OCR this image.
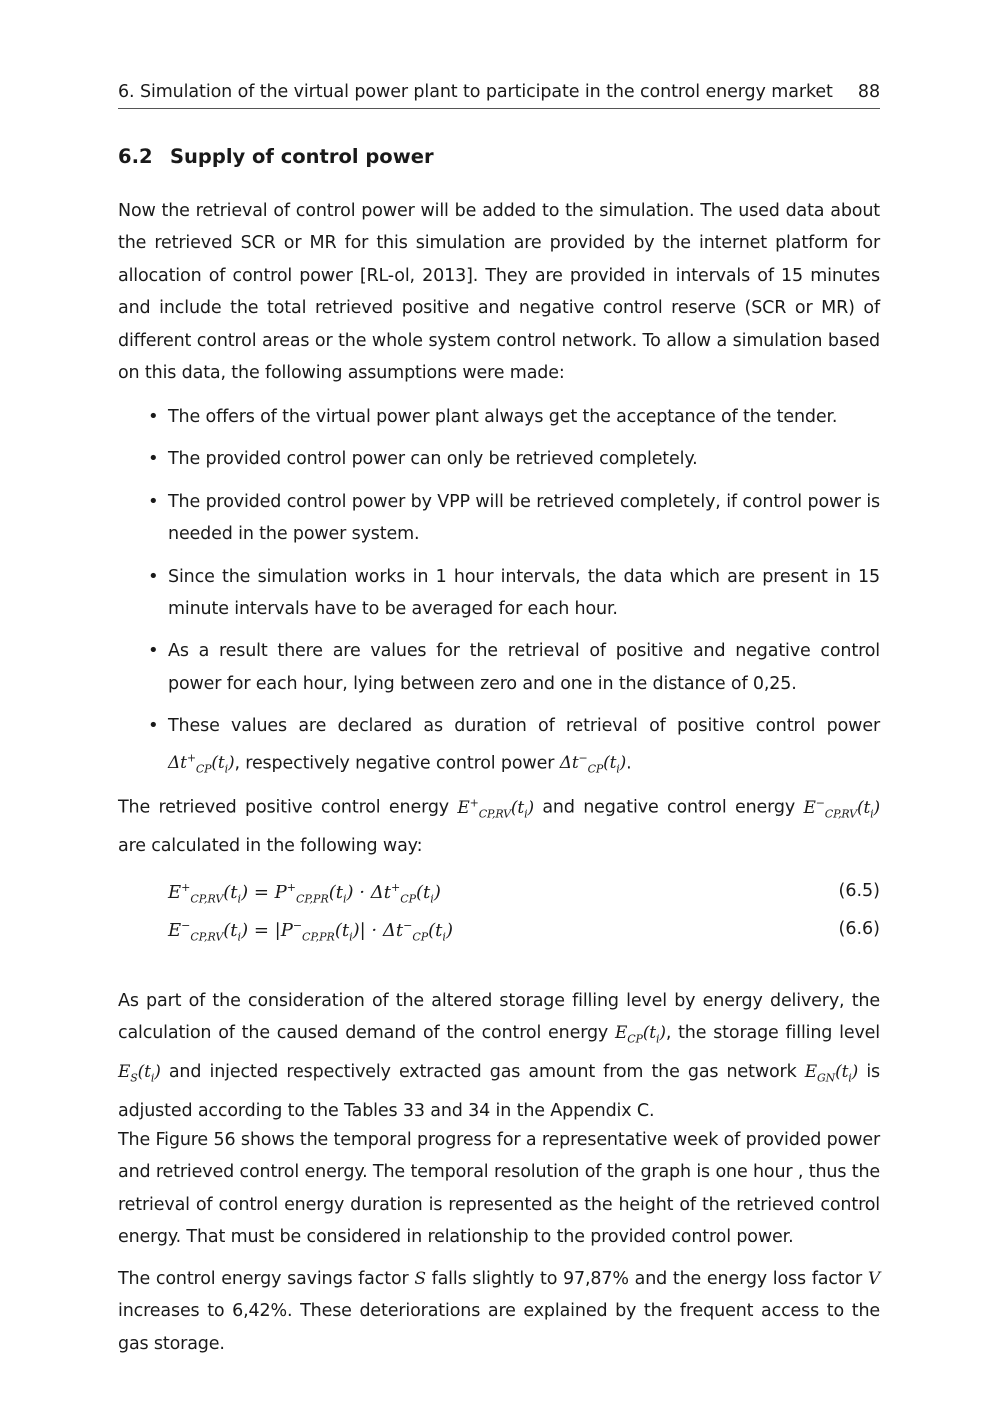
6. Simulation of the virtual power plant to participate in the control energy market 88
6.2 Supply of control power

Now the retrieval of control power will be added to the simulation. The used data about the retrieved SCR or MR for this simulation are provided by the internet platform for allocation of control power [RL-ol, 2013]. They are provided in intervals of 15 minutes and include the total retrieved positive and negative control reserve (SCR or MR) of different control areas or the whole system control network. To allow a simulation based on this data, the following assumptions were made:

• The offers of the virtual power plant always get the acceptance of the tender.
• The provided control power can only be retrieved completely.
• The provided control power by VPP will be retrieved completely, if control power is needed in the power system.
• Since the simulation works in 1 hour intervals, the data which are present in 15 minute intervals have to be averaged for each hour.
• As a result there are values for the retrieval of positive and negative control power for each hour, lying between zero and one in the distance of 0,25.
• These values are declared as duration of retrieval of positive control power $\Delta t^+_{CP}(t_i)$, respectively negative control power $\Delta t^-_{CP}(t_i)$.

The retrieved positive control energy $E^+_{CP,RV}(t_i)$ and negative control energy $E^-_{CP,RV}(t_i)$ are calculated in the following way:

$E^+_{CP,RV}(t_i) = P^+_{CP,PR}(t_i) \cdot \Delta t^+_{CP}(t_i)$	(6.5)
$E^-_{CP,RV}(t_i) = |P^-_{CP,PR}(t_i)| \cdot \Delta t^-_{CP}(t_i)$	(6.6)

As part of the consideration of the altered storage filling level by energy delivery, the calculation of the caused demand of the control energy $E_{CP}(t_i)$, the storage filling level $E_S(t_i)$ and injected respectively extracted gas amount from the gas network $E_{GN}(t_i)$ is adjusted according to the Tables 33 and 34 in the Appendix C.

The Figure 56 shows the temporal progress for a representative week of provided power and retrieved control energy. The temporal resolution of the graph is one hour , thus the retrieval of control energy duration is represented as the height of the retrieved control energy. That must be considered in relationship to the provided control power.

The control energy savings factor S falls slightly to 97,87% and the energy loss factor V increases to 6,42%. These deteriorations are explained by the frequent access to the gas storage.
